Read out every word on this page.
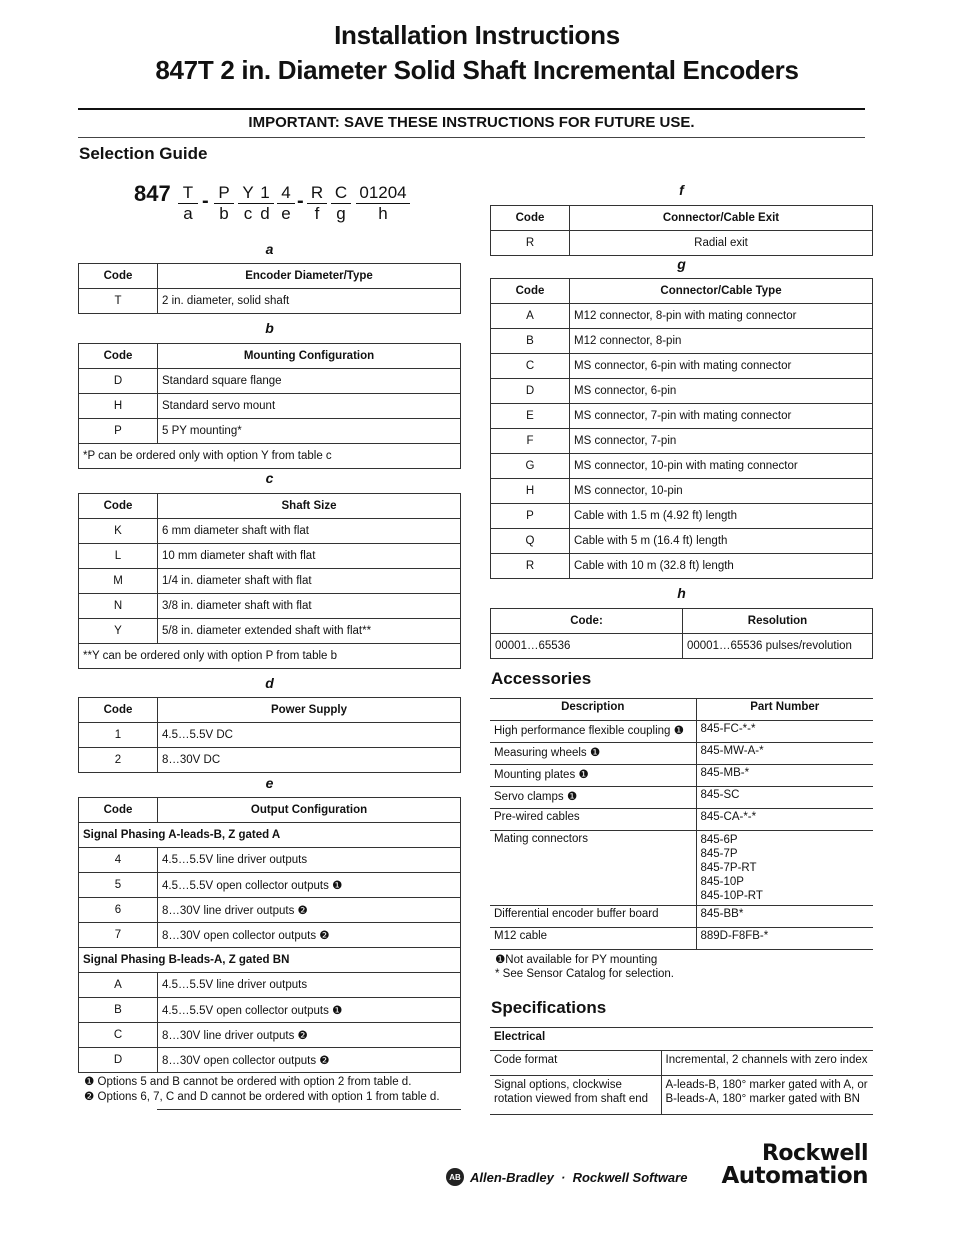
Installation Instructions
847T 2 in. Diameter Solid Shaft Incremental Encoders
IMPORTANT: SAVE THESE INSTRUCTIONS FOR FUTURE USE.
Selection Guide
847 T
a
- P
b
Y
c
1
d
4
e
- R
f
C
g
01204
h
a
Code	Encoder Diameter/Type
T	2 in. diameter, solid shaft
b
Code	Mounting Configuration
D	Standard square flange
H	Standard servo mount
P	5 PY mounting*
*P can be ordered only with option Y from table c	
c
Code	Shaft Size
K	6 mm diameter shaft with flat
L	10 mm diameter shaft with flat
M	1/4 in. diameter shaft with flat
N	3/8 in. diameter shaft with flat
Y	5/8 in. diameter extended shaft with flat**
**Y can be ordered only with option P from table b	
d
Code	Power Supply
1	4.5…5.5V DC
2	8…30V DC
e
Code	Output Configuration
Signal Phasing A-leads-B, Z gated A	
4	4.5…5.5V line driver outputs
5	4.5…5.5V open collector outputs ❶
6	8…30V line driver outputs ❷
7	8…30V open collector outputs ❷
Signal Phasing B-leads-A, Z gated BN	
A	4.5…5.5V line driver outputs
B	4.5…5.5V open collector outputs ❶
C	8…30V line driver outputs ❷
D	8…30V open collector outputs ❷
❶ Options 5 and B cannot be ordered with option 2 from table d.
❷ Options 6, 7, C and D cannot be ordered with option 1 from table d.
f
Code	Connector/Cable Exit
R	Radial exit
g
Code	Connector/Cable Type
A	M12 connector, 8-pin with mating connector
B	M12 connector, 8-pin
C	MS connector, 6-pin with mating connector
D	MS connector, 6-pin
E	MS connector, 7-pin with mating connector
F	MS connector, 7-pin
G	MS connector, 10-pin with mating connector
H	MS connector, 10-pin
P	Cable with 1.5 m (4.92 ft) length
Q	Cable with 5 m (16.4 ft) length
R	Cable with 10 m (32.8 ft) length
h
Code:	Resolution
00001…65536	00001…65536 pulses/revolution
Accessories
Description	Part Number
High performance flexible coupling ❶	845-FC-*-*
Measuring wheels ❶	845-MW-A-*
Mounting plates ❶	845-MB-*
Servo clamps ❶	845-SC
Pre-wired cables	845-CA-*-*
Mating connectors	845-6P
845-7P
845-7P-RT
845-10P
845-10P-RT
Differential encoder buffer board	845-BB*
M12 cable	889D-F8FB-*
❶Not available for PY mounting
* See Sensor Catalog for selection.
Specifications
Electrical	
Code format	Incremental, 2 channels with zero index
Signal options, clockwise rotation viewed from shaft end	A-leads-B, 180° marker gated with A, or B-leads-A, 180° marker gated with BN
AB Allen-Bradley  ·  Rockwell Software
Rockwell
Automation
